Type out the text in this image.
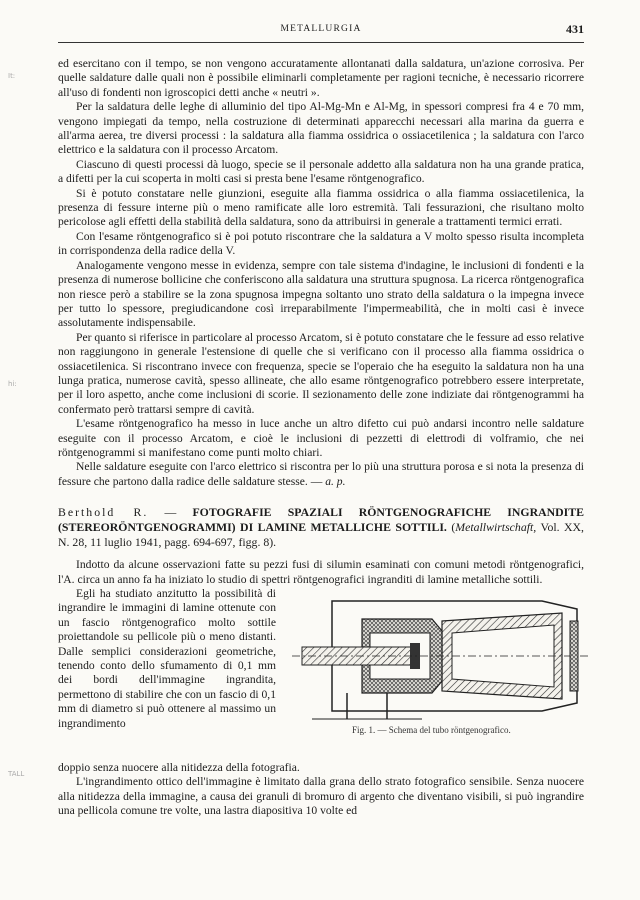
METALLURGIA	431
It:
hi:
TALL

ed esercitano con il tempo, se non vengono accuratamente allontanati dalla saldatura, un'azione corrosiva. Per quelle saldature dalle quali non è possibile eliminarli completamente per ragioni tecniche, è necessario ricorrere all'uso di fondenti non igroscopici detti anche « neutri ».

Per la saldatura delle leghe di alluminio del tipo Al-Mg-Mn e Al-Mg, in spessori compresi fra 4 e 70 mm, vengono impiegati da tempo, nella costruzione di determinati apparecchi necessari alla marina da guerra e all'arma aerea, tre diversi processi : la saldatura alla fiamma ossidrica o ossiacetilenica ; la saldatura con l'arco elettrico e la saldatura con il processo Arcatom.

Ciascuno di questi processi dà luogo, specie se il personale addetto alla saldatura non ha una grande pratica, a difetti per la cui scoperta in molti casi si presta bene l'esame röntgenografico.

Si è potuto constatare nelle giunzioni, eseguite alla fiamma ossidrica o alla fiamma ossiacetilenica, la presenza di fessure interne più o meno ramificate alle loro estremità. Tali fessurazioni, che risultano molto pericolose agli effetti della stabilità della saldatura, sono da attribuirsi in generale a trattamenti termici errati.

Con l'esame röntgenografico si è poi potuto riscontrare che la saldatura a V molto spesso risulta incompleta in corrispondenza della radice della V.

Analogamente vengono messe in evidenza, sempre con tale sistema d'indagine, le inclusioni di fondenti e la presenza di numerose bollicine che conferiscono alla saldatura una struttura spugnosa. La ricerca röntgenografica non riesce però a stabilire se la zona spugnosa impegna soltanto uno strato della saldatura o la impegna invece per tutto lo spessore, pregiudicandone così irreparabilmente l'impermeabilità, che in molti casi è invece assolutamente indispensabile.

Per quanto si riferisce in particolare al processo Arcatom, si è potuto constatare che le fessure ad esso relative non raggiungono in generale l'estensione di quelle che si verificano con il processo alla fiamma ossidrica o ossiacetilenica. Si riscontrano invece con frequenza, specie se l'operaio che ha eseguito la saldatura non ha una lunga pratica, numerose cavità, spesso allineate, che allo esame röntgenografico potrebbero essere interpretate, per il loro aspetto, anche come inclusioni di scorie. Il sezionamento delle zone indiziate dai röntgenogrammi ha confermato però trattarsi sempre di cavità.

L'esame röntgenografico ha messo in luce anche un altro difetto cui può andarsi incontro nelle saldature eseguite con il processo Arcatom, e cioè le inclusioni di pezzetti di elettrodi di volframio, che nei röntgenogrammi si manifestano come punti molto chiari.

Nelle saldature eseguite con l'arco elettrico si riscontra per lo più una struttura porosa e si nota la presenza di fessure che partono dalla radice delle saldature stesse. — a. p.

Berthold R. — FOTOGRAFIE SPAZIALI RÖNTGENOGRAFICHE INGRANDITE (STEREORÖNTGENOGRAMMI) DI LAMINE METALLICHE SOTTILI. (Metallwirtschaft, Vol. XX, N. 28, 11 luglio 1941, pagg. 694-697, figg. 8).

Indotto da alcune osservazioni fatte su pezzi fusi di silumin esaminati con comuni metodi röntgenografici, l'A. circa un anno fa ha iniziato lo studio di spettri röntgenografici ingranditi di lamine metalliche sottili.

Egli ha studiato anzitutto la possibilità di ingrandire le immagini di lamine ottenute con un fascio röntgenografico molto sottile proiettandole su pellicole più o meno distanti. Dalle semplici considerazioni geometriche, tenendo conto dello sfumamento di 0,1 mm dei bordi dell'immagine ingrandita, permettono di stabilire che con un fascio di 0,1 mm di diametro si può ottenere al massimo un ingrandimento
Fig. 1. — Schema del tubo röntgenografico.
doppio senza nuocere alla nitidezza della fotografia.

L'ingrandimento ottico dell'immagine è limitato dalla grana dello strato fotografico sensibile. Senza nuocere alla nitidezza della immagine, a causa dei granuli di bromuro di argento che diventano visibili, si può ingrandire una pellicola comune tre volte, una lastra diapositiva 10 volte ed
